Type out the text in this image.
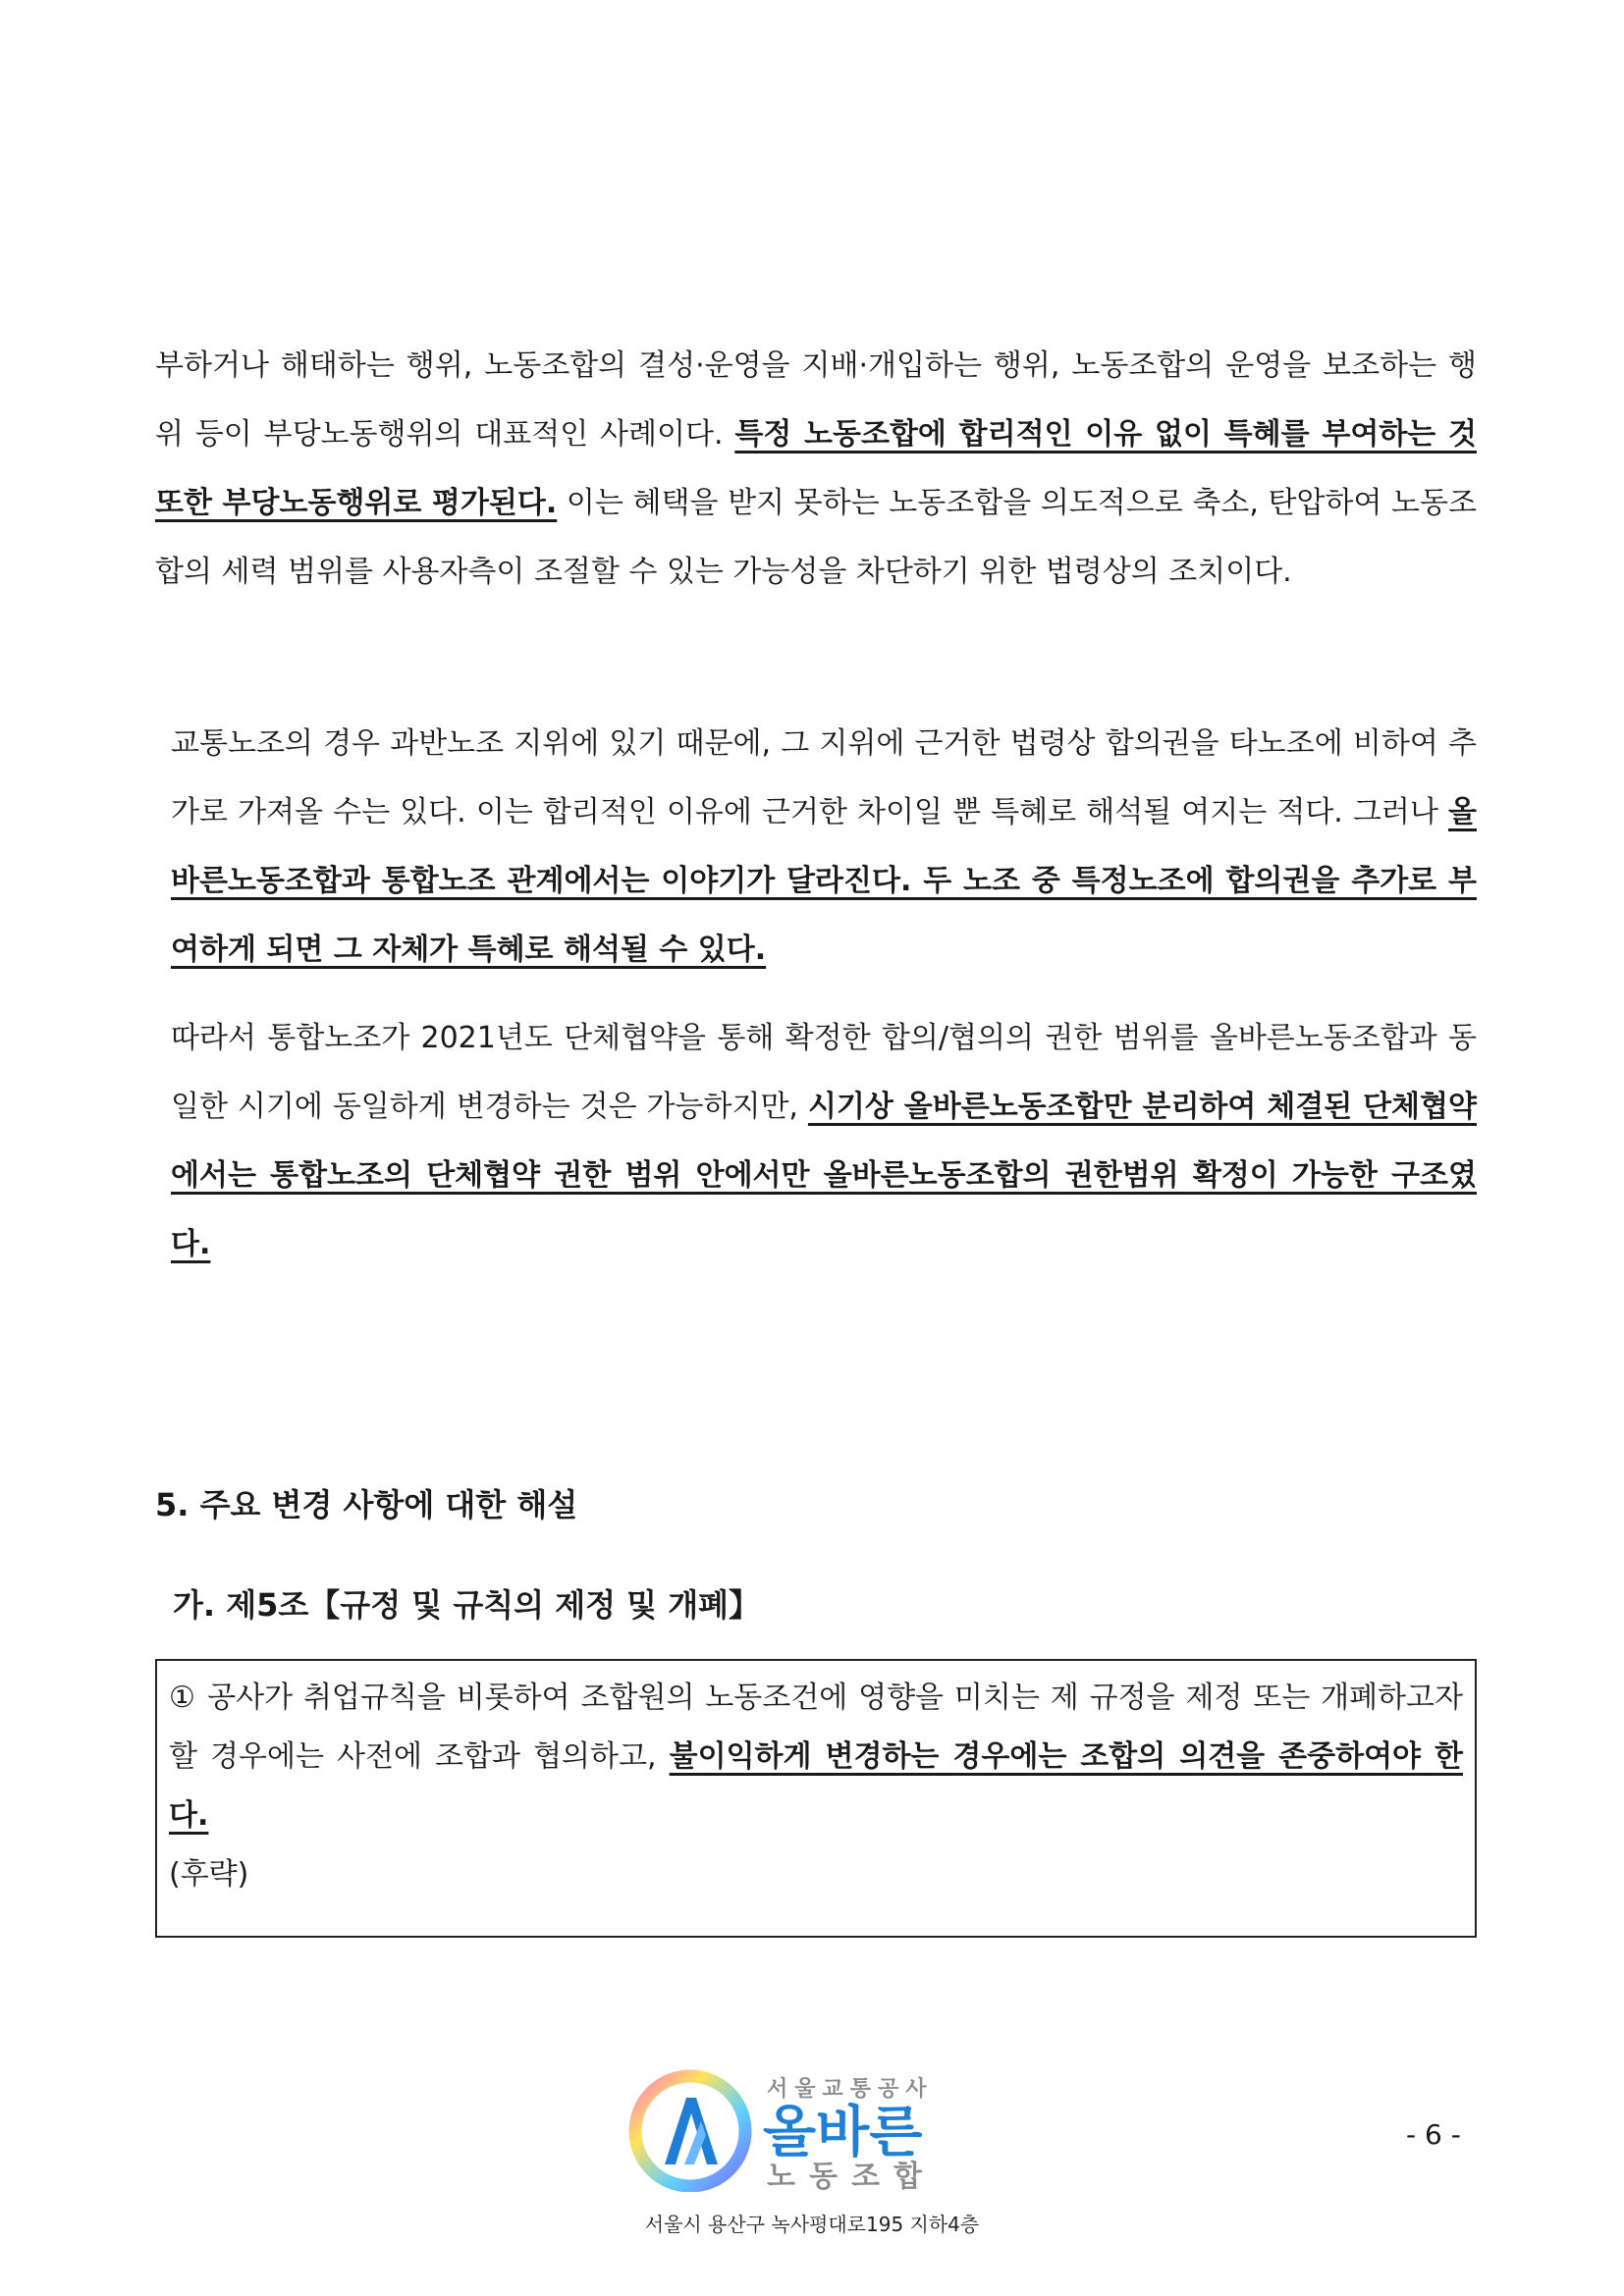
부하거나 해태하는 행위, 노동조합의 결성·운영을 지배·개입하는 행위, 노동조합의 운영을 보조하는 행위 등이 부당노동행위의 대표적인 사례이다. 특정 노동조합에 합리적인 이유 없이 특혜를 부여하는 것 또한 부당노동행위로 평가된다. 이는 혜택을 받지 못하는 노동조합을 의도적으로 축소, 탄압하여 노동조합의 세력 범위를 사용자측이 조절할 수 있는 가능성을 차단하기 위한 법령상의 조치이다.

교통노조의 경우 과반노조 지위에 있기 때문에, 그 지위에 근거한 법령상 합의권을 타노조에 비하여 추가로 가져올 수는 있다. 이는 합리적인 이유에 근거한 차이일 뿐 특혜로 해석될 여지는 적다. 그러나 올바른노동조합과 통합노조 관계에서는 이야기가 달라진다. 두 노조 중 특정노조에 합의권을 추가로 부여하게 되면 그 자체가 특혜로 해석될 수 있다.

따라서 통합노조가 2021년도 단체협약을 통해 확정한 합의/협의의 권한 범위를 올바른노동조합과 동일한 시기에 동일하게 변경하는 것은 가능하지만, 시기상 올바른노동조합만 분리하여 체결된 단체협약에서는 통합노조의 단체협약 권한 범위 안에서만 올바른노동조합의 권한범위 확정이 가능한 구조였다.

5. 주요 변경 사항에 대한 해설
가. 제5조【규정 및 규칙의 제정 및 개폐】

① 공사가 취업규칙을 비롯하여 조합원의 노동조건에 영향을 미치는 제 규정을 제정 또는 개폐하고자 할 경우에는 사전에 조합과 협의하고, 불이익하게 변경하는 경우에는 조합의 의견을 존중하여야 한다.

(후략)

서울교통공사
올바른
노동조합
서울시 용산구 녹사평대로195 지하4층
- 6 -
